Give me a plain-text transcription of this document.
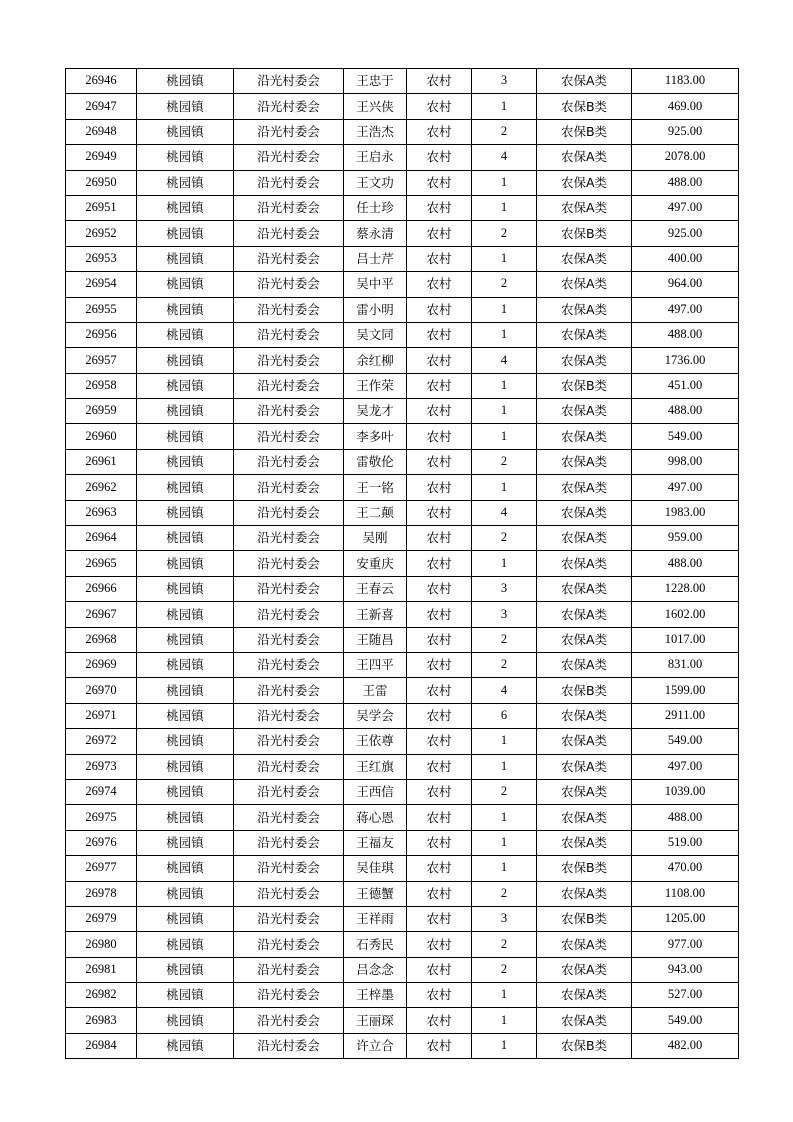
26946	桃园镇	沿光村委会	王忠于	农村	3	农保A类	1183.00
26947	桃园镇	沿光村委会	王兴侠	农村	1	农保B类	469.00
26948	桃园镇	沿光村委会	王浩杰	农村	2	农保B类	925.00
26949	桃园镇	沿光村委会	王启永	农村	4	农保A类	2078.00
26950	桃园镇	沿光村委会	王文功	农村	1	农保A类	488.00
26951	桃园镇	沿光村委会	任士珍	农村	1	农保A类	497.00
26952	桃园镇	沿光村委会	蔡永清	农村	2	农保B类	925.00
26953	桃园镇	沿光村委会	吕士芹	农村	1	农保A类	400.00
26954	桃园镇	沿光村委会	吴中平	农村	2	农保A类	964.00
26955	桃园镇	沿光村委会	雷小明	农村	1	农保A类	497.00
26956	桃园镇	沿光村委会	吴文同	农村	1	农保A类	488.00
26957	桃园镇	沿光村委会	余红柳	农村	4	农保A类	1736.00
26958	桃园镇	沿光村委会	王作荣	农村	1	农保B类	451.00
26959	桃园镇	沿光村委会	吴龙才	农村	1	农保A类	488.00
26960	桃园镇	沿光村委会	李多叶	农村	1	农保A类	549.00
26961	桃园镇	沿光村委会	雷敬伦	农村	2	农保A类	998.00
26962	桃园镇	沿光村委会	王一铭	农村	1	农保A类	497.00
26963	桃园镇	沿光村委会	王二颠	农村	4	农保A类	1983.00
26964	桃园镇	沿光村委会	吴刚	农村	2	农保A类	959.00
26965	桃园镇	沿光村委会	安重庆	农村	1	农保A类	488.00
26966	桃园镇	沿光村委会	王春云	农村	3	农保A类	1228.00
26967	桃园镇	沿光村委会	王新喜	农村	3	农保A类	1602.00
26968	桃园镇	沿光村委会	王随昌	农村	2	农保A类	1017.00
26969	桃园镇	沿光村委会	王四平	农村	2	农保A类	831.00
26970	桃园镇	沿光村委会	王雷	农村	4	农保B类	1599.00
26971	桃园镇	沿光村委会	吴学会	农村	6	农保A类	2911.00
26972	桃园镇	沿光村委会	王依尊	农村	1	农保A类	549.00
26973	桃园镇	沿光村委会	王红旗	农村	1	农保A类	497.00
26974	桃园镇	沿光村委会	王西信	农村	2	农保A类	1039.00
26975	桃园镇	沿光村委会	蒋心恩	农村	1	农保A类	488.00
26976	桃园镇	沿光村委会	王福友	农村	1	农保A类	519.00
26977	桃园镇	沿光村委会	吴佳琪	农村	1	农保B类	470.00
26978	桃园镇	沿光村委会	王德蟹	农村	2	农保A类	1108.00
26979	桃园镇	沿光村委会	王祥雨	农村	3	农保B类	1205.00
26980	桃园镇	沿光村委会	石秀民	农村	2	农保A类	977.00
26981	桃园镇	沿光村委会	吕念念	农村	2	农保A类	943.00
26982	桃园镇	沿光村委会	王梓墨	农村	1	农保A类	527.00
26983	桃园镇	沿光村委会	王丽琛	农村	1	农保A类	549.00
26984	桃园镇	沿光村委会	许立合	农村	1	农保B类	482.00
